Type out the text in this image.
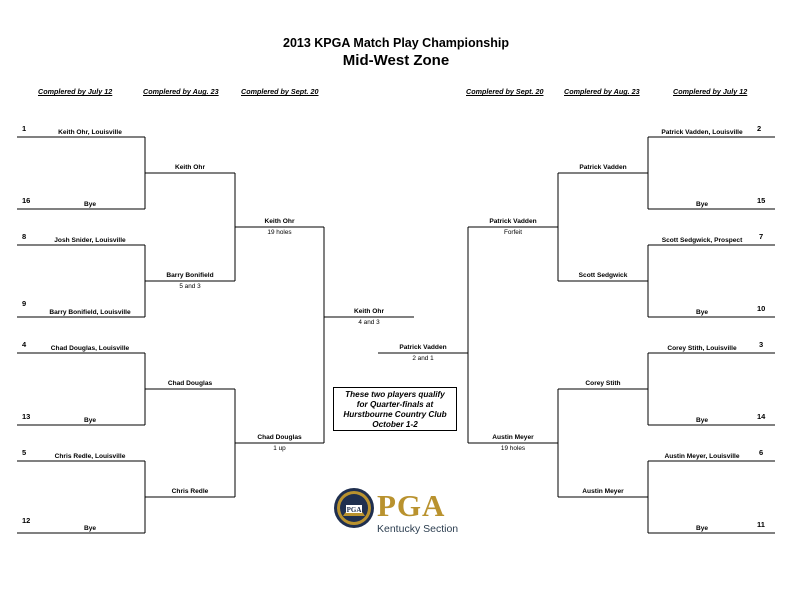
2013 KPGA Match Play Championship
Mid-West Zone
Complered by July 12	Complered by Aug. 23	Complered by Sept. 20	Complered by Sept. 20	Complered by Aug. 23	Complered by July 12
1
16
8
9
4
13
5
12
2
15
7
10
3
14
6
11
Keith Ohr, Louisville
Bye
Josh Snider, Louisville
Barry Bonifield, Louisville
Chad Douglas, Louisville
Bye
Chris Redle, Louisville
Bye
Keith Ohr
Barry Bonifield
5 and 3
Chad Douglas
Chris Redle
Keith Ohr
19 holes
Chad Douglas
1 up
Keith Ohr
4 and 3
Patrick Vadden, Louisville
Bye
Scott Sedgwick, Prospect
Bye
Corey Stith, Louisville
Bye
Austin Meyer, Louisville
Bye
Patrick Vadden
Scott Sedgwick
Corey Stith
Austin Meyer
Patrick Vadden
Forfeit
Austin Meyer
19 holes
Patrick Vadden
2 and 1
These two players qualify
for Quarter-finals at
Hurstbourne Country Club
October 1-2
PGA PGA
Kentucky Section
